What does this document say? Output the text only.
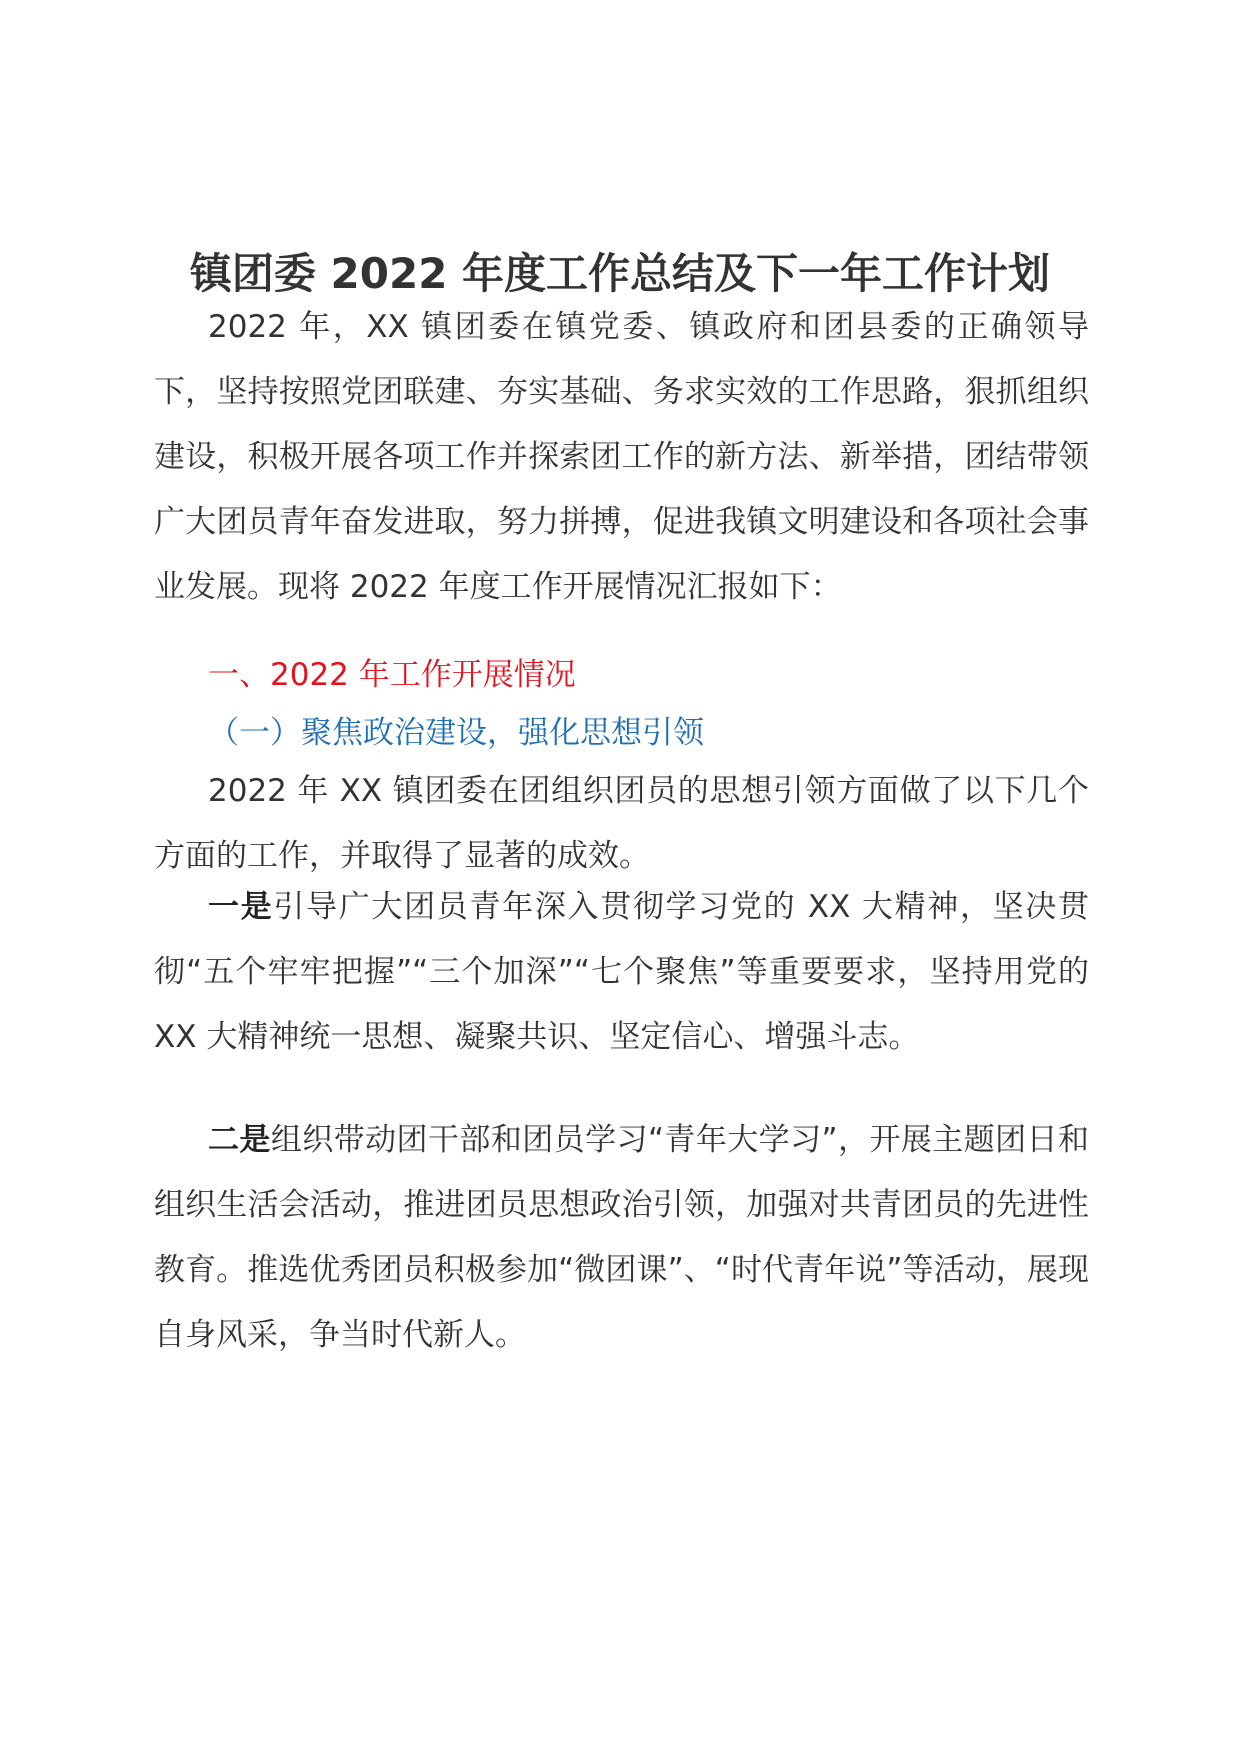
镇团委 2022 年度工作总结及下一年工作计划

2022 年，XX 镇团委在镇党委、镇政府和团县委的正确领导下，坚持按照党团联建、夯实基础、务求实效的工作思路，狠抓组织建设，积极开展各项工作并探索团工作的新方法、新举措，团结带领广大团员青年奋发进取，努力拼搏，促进我镇文明建设和各项社会事业发展。现将 2022 年度工作开展情况汇报如下：

一、2022 年工作开展情况

（一）聚焦政治建设，强化思想引领

2022 年 XX 镇团委在团组织团员的思想引领方面做了以下几个方面的工作，并取得了显著的成效。

一是引导广大团员青年深入贯彻学习党的 XX 大精神，坚决贯彻“五个牢牢把握”“三个加深”“七个聚焦”等重要要求，坚持用党的 XX 大精神统一思想、凝聚共识、坚定信心、增强斗志。

二是组织带动团干部和团员学习“青年大学习”，开展主题团日和组织生活会活动，推进团员思想政治引领，加强对共青团员的先进性教育。推选优秀团员积极参加“微团课”、“时代青年说”等活动，展现自身风采，争当时代新人。
